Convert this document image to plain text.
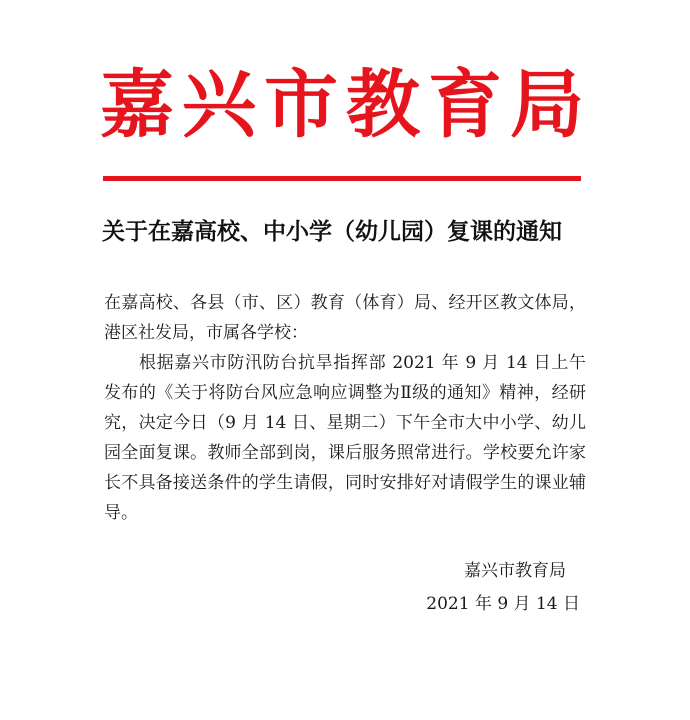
嘉兴市教育局
关于在嘉高校、中小学（幼儿园）复课的通知
在嘉高校、各县（市、区）教育（体育）局、经开区教文体局，港区社发局，市属各学校：
根据嘉兴市防汛防台抗旱指挥部 2021 年 9 月 14 日上午发布的《关于将防台风应急响应调整为Ⅱ级的通知》精神，经研究，决定今日（9 月 14 日、星期二）下午全市大中小学、幼儿园全面复课。教师全部到岗，课后服务照常进行。学校要允许家长不具备接送条件的学生请假，同时安排好对请假学生的课业辅导。
嘉兴市教育局
2021 年 9 月 14 日
